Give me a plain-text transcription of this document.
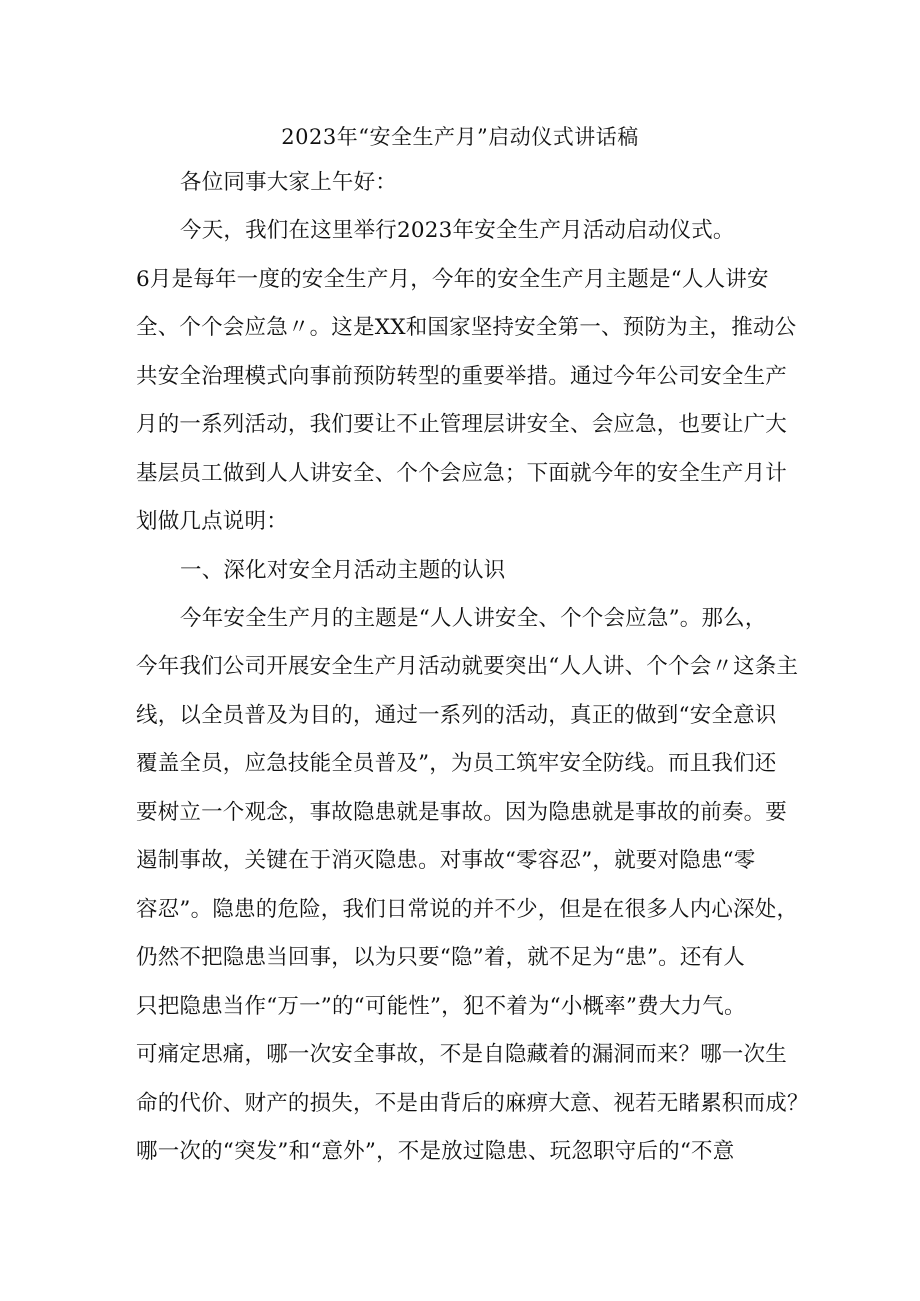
2023年“安全生产月”启动仪式讲话稿
各位同事大家上午好：
今天，我们在这里举行2023年安全生产月活动启动仪式。
6月是每年一度的安全生产月，今年的安全生产月主题是“人人讲安
全、个个会应急〃。这是XX和国家坚持安全第一、预防为主，推动公
共安全治理模式向事前预防转型的重要举措。通过今年公司安全生产
月的一系列活动，我们要让不止管理层讲安全、会应急，也要让广大
基层员工做到人人讲安全、个个会应急；下面就今年的安全生产月计
划做几点说明：
一、深化对安全月活动主题的认识
今年安全生产月的主题是“人人讲安全、个个会应急”。那么，
今年我们公司开展安全生产月活动就要突出“人人讲、个个会〃这条主
线，以全员普及为目的，通过一系列的活动，真正的做到“安全意识
覆盖全员，应急技能全员普及”，为员工筑牢安全防线。而且我们还
要树立一个观念，事故隐患就是事故。因为隐患就是事故的前奏。要
遏制事故，关键在于消灭隐患。对事故“零容忍”，就要对隐患“零
容忍”。隐患的危险，我们日常说的并不少，但是在很多人内心深处，
仍然不把隐患当回事，以为只要“隐”着，就不足为“患”。还有人
只把隐患当作“万一”的“可能性”，犯不着为“小概率”费大力气。
可痛定思痛，哪一次安全事故，不是自隐藏着的漏洞而来？哪一次生
命的代价、财产的损失，不是由背后的麻痹大意、视若无睹累积而成？
哪一次的“突发”和“意外”，不是放过隐患、玩忽职守后的“不意
